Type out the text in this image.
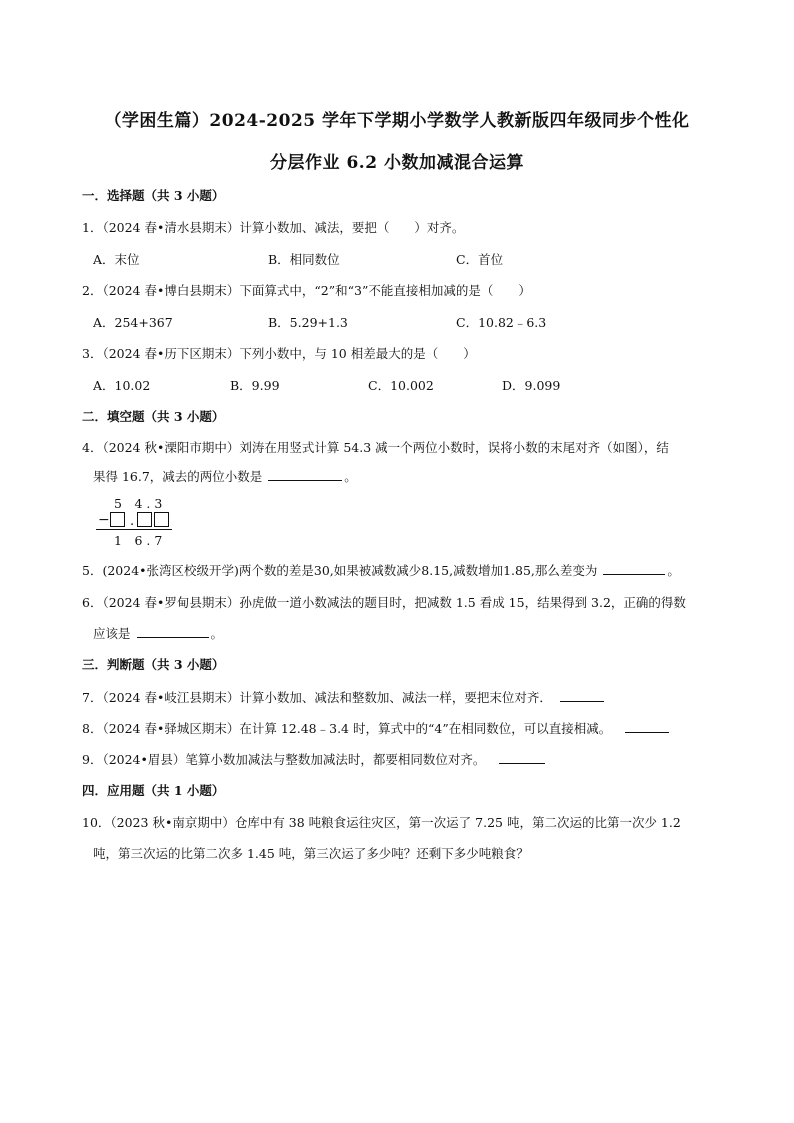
（学困生篇）2024-2025 学年下学期小学数学人教新版四年级同步个性化
分层作业 6.2 小数加减混合运算
一．选择题（共 3 小题）
1．（2024 春•清水县期末）计算小数加、减法，要把（　　）对齐。
A．末位	B．相同数位	C．首位
2．（2024 春•博白县期末）下面算式中，“2”和“3”不能直接相加减的是（　　）
A．254+367	B．5.29+1.3	C．10.82﹣6.3
3．（2024 春•历下区期末）下列小数中，与 10 相差最大的是（　　）
A．10.02	B．9.99	C．10.002	D．9.099
二．填空题（共 3 小题）
4．（2024 秋•溧阳市期中）刘涛在用竖式计算 54.3 减一个两位小数时，误将小数的末尾对齐（如图），结
果得 16.7，减去的两位小数是	。
5　4 . 3
− .
1　6 . 7
5．(2024•张湾区校级开学)两个数的差是30,如果被减数减少8.15,减数增加1.85,那么差变为	。
6．（2024 春•罗甸县期末）孙虎做一道小数减法的题目时，把减数 1.5 看成 15，结果得到 3.2，正确的得数
应该是	。
三．判断题（共 3 小题）
7．（2024 春•岐江县期末）计算小数加、减法和整数加、减法一样，要把末位对齐．
8．（2024 春•驿城区期末）在计算 12.48﹣3.4 时，算式中的“4”在相同数位，可以直接相减。
9．（2024•眉县）笔算小数加减法与整数加减法时，都要相同数位对齐。
四．应用题（共 1 小题）
10．（2023 秋•南京期中）仓库中有 38 吨粮食运往灾区，第一次运了 7.25 吨，第二次运的比第一次少 1.2
吨，第三次运的比第二次多 1.45 吨，第三次运了多少吨？还剩下多少吨粮食？
